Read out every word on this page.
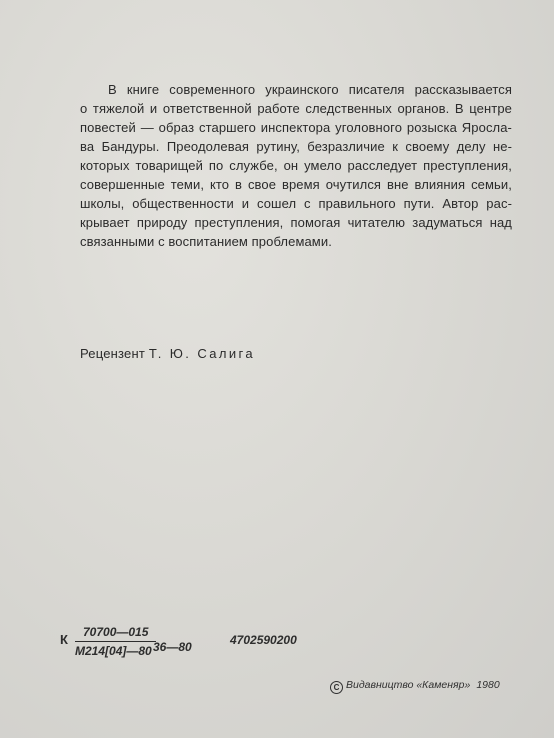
В книге современного украинского писателя рассказывается
о тяжелой и ответственной работе следственных органов. В центре
повестей — образ старшего инспектора уголовного розыска Яросла-
ва Бандуры. Преодолевая рутину, безразличие к своему делу не-
которых товарищей по службе, он умело расследует преступления,
совершенные теми, кто в свое время очутился вне влияния семьи,
школы, общественности и сошел с правильного пути. Автор рас-
крывает природу преступления, помогая читателю задуматься над
связанными с воспитанием проблемами.
Рецензент Т. Ю. Салига
К	70700—015
М214[04]—80 36—80	4702590200
C Видавництво «Каменяр» 1980
